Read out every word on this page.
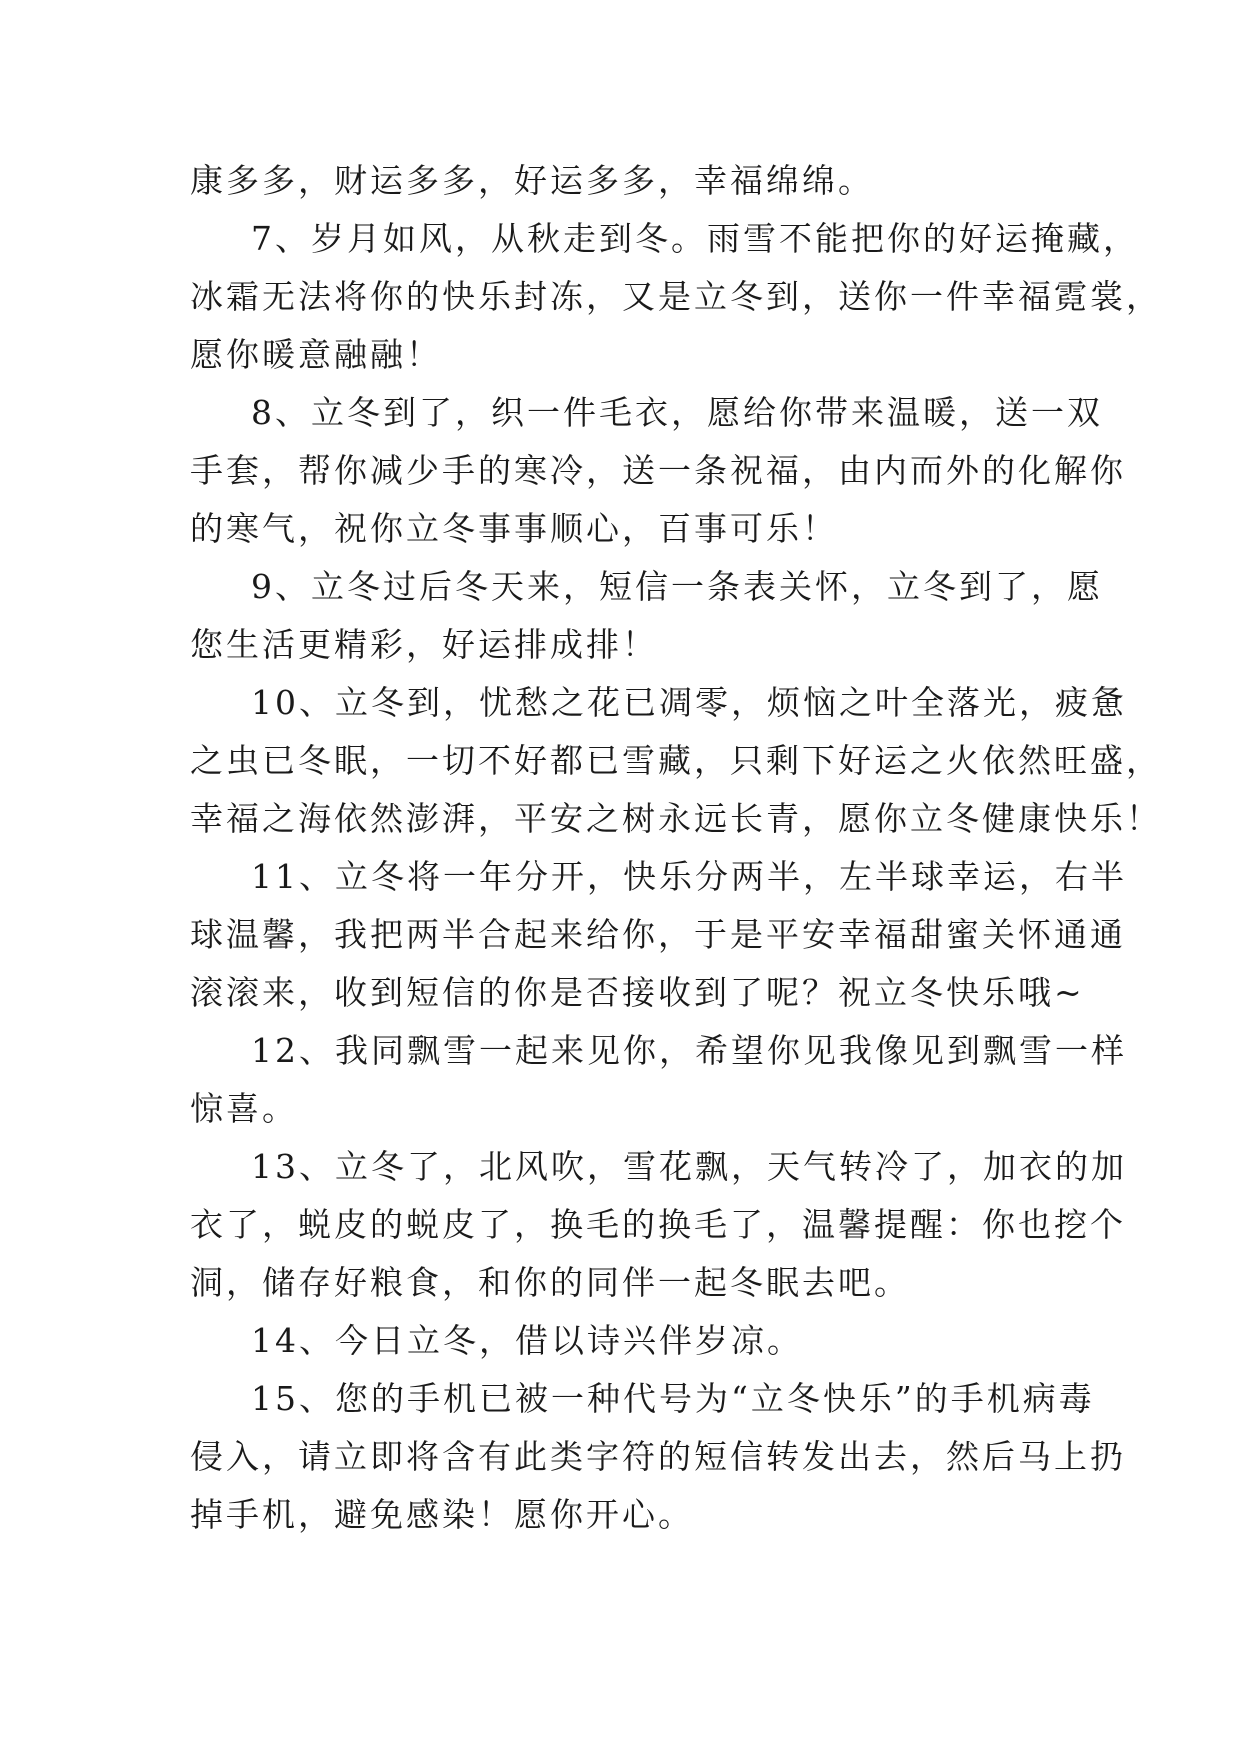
康多多，财运多多，好运多多，幸福绵绵。
7、岁月如风，从秋走到冬。雨雪不能把你的好运掩藏，
冰霜无法将你的快乐封冻，又是立冬到，送你一件幸福霓裳，
愿你暖意融融！
8、立冬到了，织一件毛衣，愿给你带来温暖，送一双
手套，帮你减少手的寒冷，送一条祝福，由内而外的化解你
的寒气，祝你立冬事事顺心，百事可乐！
9、立冬过后冬天来，短信一条表关怀，立冬到了，愿
您生活更精彩，好运排成排！
10、立冬到，忧愁之花已凋零，烦恼之叶全落光，疲惫
之虫已冬眠，一切不好都已雪藏，只剩下好运之火依然旺盛，
幸福之海依然澎湃，平安之树永远长青，愿你立冬健康快乐！
11、立冬将一年分开，快乐分两半，左半球幸运，右半
球温馨，我把两半合起来给你，于是平安幸福甜蜜关怀通通
滚滚来，收到短信的你是否接收到了呢？祝立冬快乐哦~
12、我同飘雪一起来见你，希望你见我像见到飘雪一样
惊喜。
13、立冬了，北风吹，雪花飘，天气转冷了，加衣的加
衣了，蜕皮的蜕皮了，换毛的换毛了，温馨提醒：你也挖个
洞，储存好粮食，和你的同伴一起冬眠去吧。
14、今日立冬，借以诗兴伴岁凉。
15、您的手机已被一种代号为“立冬快乐”的手机病毒
侵入，请立即将含有此类字符的短信转发出去，然后马上扔
掉手机，避免感染！愿你开心。
